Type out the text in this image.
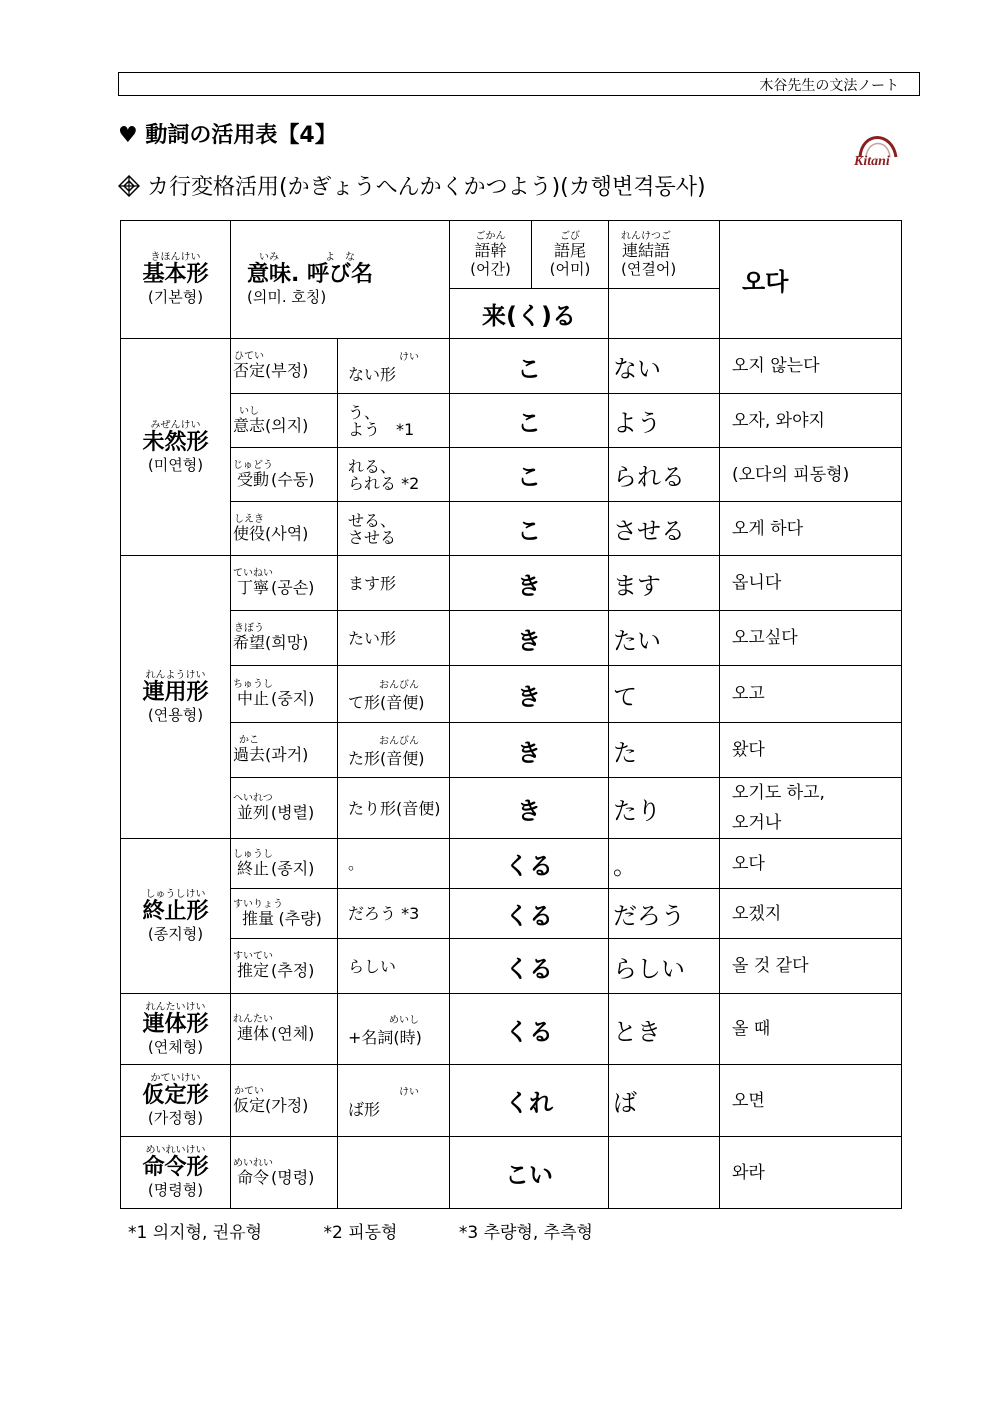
木谷先生の文法ノート
♥ 動詞の活用表【4】
カ行変格活用(かぎょうへんかくかつよう)(カ행변격동사)
Kitani
基本形きほんけい
(기본형)	意味いみ. 呼び名よ　な
(의미. 호칭)		語幹ごかん
(어간)	語尾ごび
(어미)	連結語れんけつご
(연결어)	오다
			来(く)る			
未然形みぜんけい
(미연형)	否定ひてい(부정)	けい
ない形	こ		ない	오지 않는다
	意志いし(의지)	う、
よう　*1	こ		よう	오자, 와야지
	受動じゅどう(수동)	れる、
られる *2	こ		られる	(오다의 피동형)
	使役しえき(사역)	せる、
させる	こ		させる	오게 하다
連用形れんようけい
(연용형)	丁寧ていねい(공손)	ます形	き		ます	옵니다
	希望きぼう(희망)	たい形	き		たい	오고싶다
	中止ちゅうし(중지)	おんびん
て形(音便)	き		て	오고
	過去かこ(과거)	おんびん
た形(音便)	き		た	왔다
	並列へいれつ(병렬)	たり形(音便)	き		たり	오기도 하고,
오거나
終止形しゅうしけい
(종지형)	終止しゅうし(종지)	。	くる		。	오다
	推量すいりょう(추량)	だろう *3	くる		だろう	오겠지
	推定すいてい(추정)	らしい	くる		らしい	올 것 같다
連体形れんたいけい
(연체형)	連体れんたい(연체)	めいし
+名詞(時)	くる		とき	올 때
仮定形かていけい
(가정형)	仮定かてい(가정)	けい
ば形	くれ		ば	오면
命令形めいれいけい
(명령형)	命令めいれい(명령)		こい			와라
*1 의지형, 권유형	*2 피동형	*3 추량형, 추측형
